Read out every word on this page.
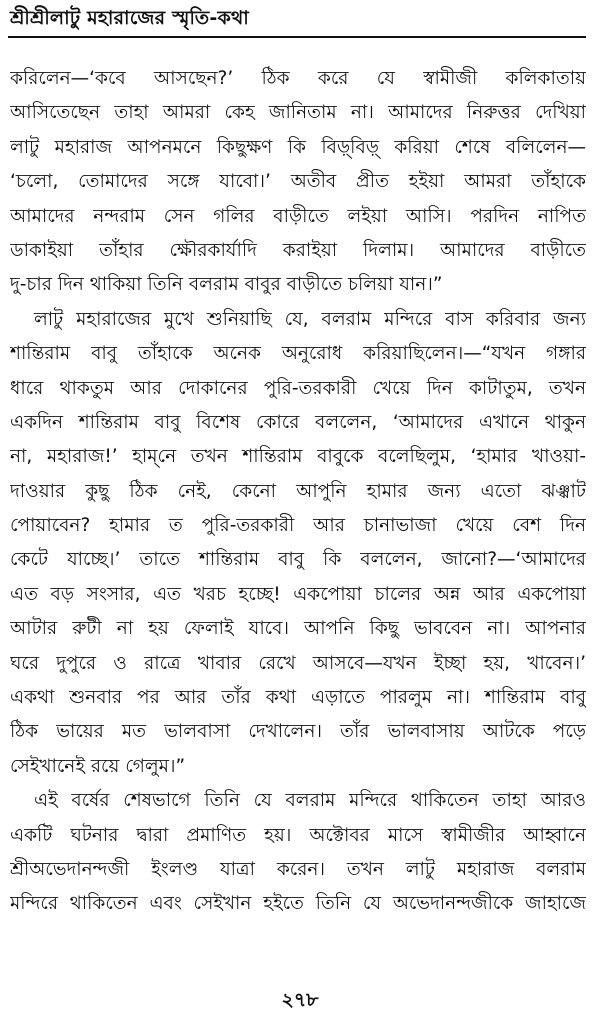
শ্রীশ্রীলাটু মহারাজের স্মৃতি-কথা
করিলেন—‘কবে আসছেন?’ ঠিক করে যে স্বামীজী কলিকাতায়
আসিতেছেন তাহা আমরা কেহ জানিতাম না। আমাদের নিরুত্তর দেখিয়া
লাটু মহারাজ আপনমনে কিছুক্ষণ কি বিড়্‌বিড়্‌ করিয়া শেষে বলিলেন—
‘চলো, তোমাদের সঙ্গে যাবো।’ অতীব প্রীত হইয়া আমরা তাঁহাকে
আমাদের নন্দরাম সেন গলির বাড়ীতে লইয়া আসি। পরদিন নাপিত
ডাকাইয়া তাঁহার ক্ষৌরকার্যাদি করাইয়া দিলাম। আমাদের বাড়ীতে
দু-চার দিন থাকিয়া তিনি বলরাম বাবুর বাড়ীতে চলিয়া যান।”
লাটু মহারাজের মুখে শুনিয়াছি যে, বলরাম মন্দিরে বাস করিবার জন্য
শান্তিরাম বাবু তাঁহাকে অনেক অনুরোধ করিয়াছিলেন।—“যখন গঙ্গার
ধারে থাকতুম আর দোকানের পুরি-তরকারী খেয়ে দিন কাটাতুম, তখন
একদিন শান্তিরাম বাবু বিশেষ কোরে বললেন, ‘আমাদের এখানে থাকুন
না, মহারাজ!’ হাম্‌নে তখন শান্তিরাম বাবুকে বলেছিলুম, ‘হামার খাওয়া-
দাওয়ার কুছু ঠিক নেই, কেনো আপুনি হামার জন্য এতো ঝঞ্ঝাট
পোয়াবেন? হামার ত পুরি-তরকারী আর চানাভাজা খেয়ে বেশ দিন
কেটে যাচ্ছে।’ তাতে শান্তিরাম বাবু কি বললেন, জানো?—‘আমাদের
এত বড় সংসার, এত খরচ হচ্ছে! একপোয়া চালের অন্ন আর একপোয়া
আটার রুটী না হয় ফেলাই যাবে। আপনি কিছু ভাববেন না। আপনার
ঘরে দুপুরে ও রাত্রে খাবার রেখে আসবে—যখন ইচ্ছা হয়, খাবেন।’
একথা শুনবার পর আর তাঁর কথা এড়াতে পারলুম না। শান্তিরাম বাবু
ঠিক ভায়ের মত ভালবাসা দেখালেন। তাঁর ভালবাসায় আটকে পড়ে
সেইখানেই রয়ে গেলুম।”
এই বর্ষের শেষভাগে তিনি যে বলরাম মন্দিরে থাকিতেন তাহা আরও
একটি ঘটনার দ্বারা প্রমাণিত হয়। অক্টোবর মাসে স্বামীজীর আহ্বানে
শ্রীঅভেদানন্দজী ইংলণ্ড যাত্রা করেন। তখন লাটু মহারাজ বলরাম
মন্দিরে থাকিতেন এবং সেইখান হইতে তিনি যে অভেদানন্দজীকে জাহাজে
২৭৮
